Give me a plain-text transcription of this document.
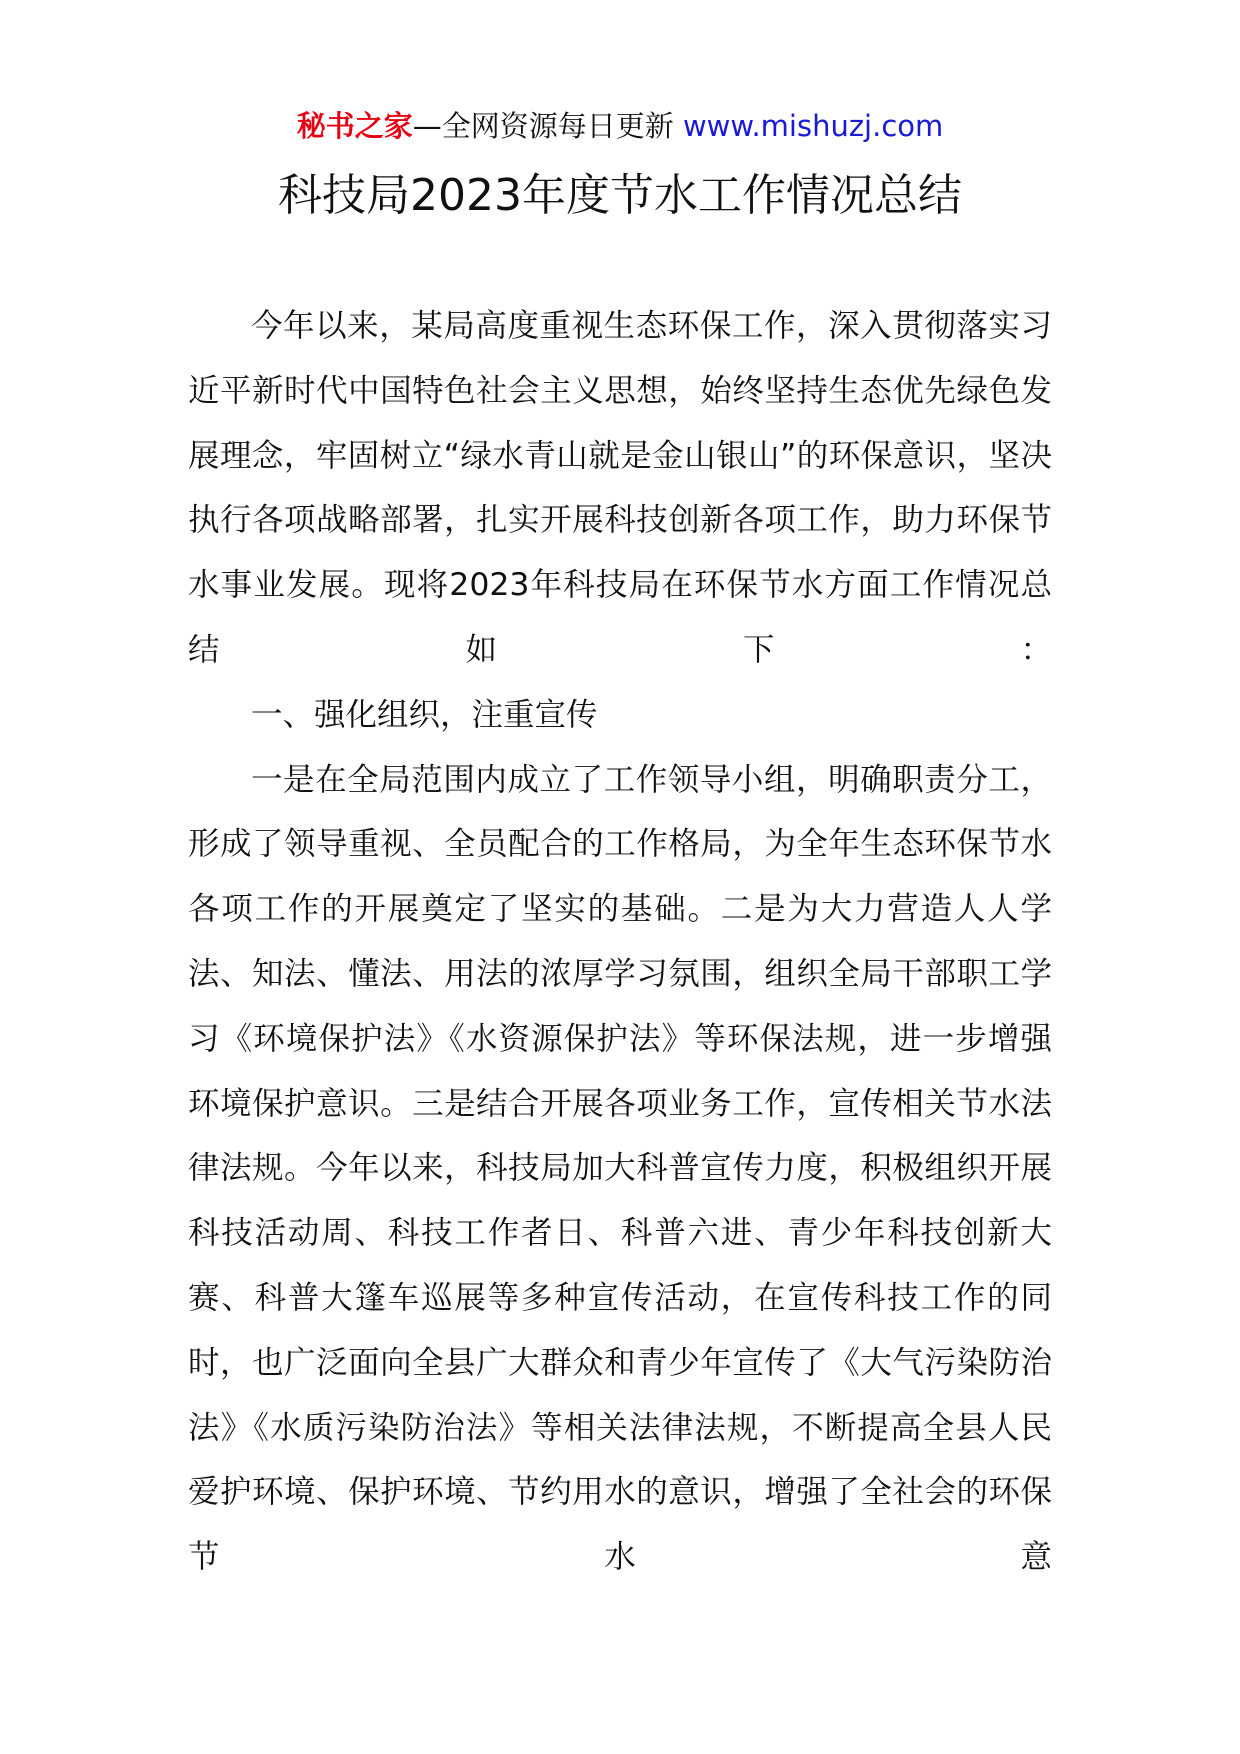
秘书之家—全网资源每日更新 www.mishuzj.com
科技局2023年度节水工作情况总结

今年以来，某局高度重视生态环保工作，深入贯彻落实习近平新时代中国特色社会主义思想，始终坚持生态优先绿色发展理念，牢固树立“绿水青山就是金山银山”的环保意识，坚决执行各项战略部署，扎实开展科技创新各项工作，助力环保节水事业发展。现将2023年科技局在环保节水方面工作情况总结如下：

一、强化组织，注重宣传

一是在全局范围内成立了工作领导小组，明确职责分工，形成了领导重视、全员配合的工作格局，为全年生态环保节水各项工作的开展奠定了坚实的基础。二是为大力营造人人学法、知法、懂法、用法的浓厚学习氛围，组织全局干部职工学习《环境保护法》《水资源保护法》等环保法规，进一步增强环境保护意识。三是结合开展各项业务工作，宣传相关节水法律法规。今年以来，科技局加大科普宣传力度，积极组织开展科技活动周、科技工作者日、科普六进、青少年科技创新大赛、科普大篷车巡展等多种宣传活动，在宣传科技工作的同时，也广泛面向全县广大群众和青少年宣传了《大气污染防治法》《水质污染防治法》等相关法律法规，不断提高全县人民爱护环境、保护环境、节约用水的意识，增强了全社会的环保节水意
